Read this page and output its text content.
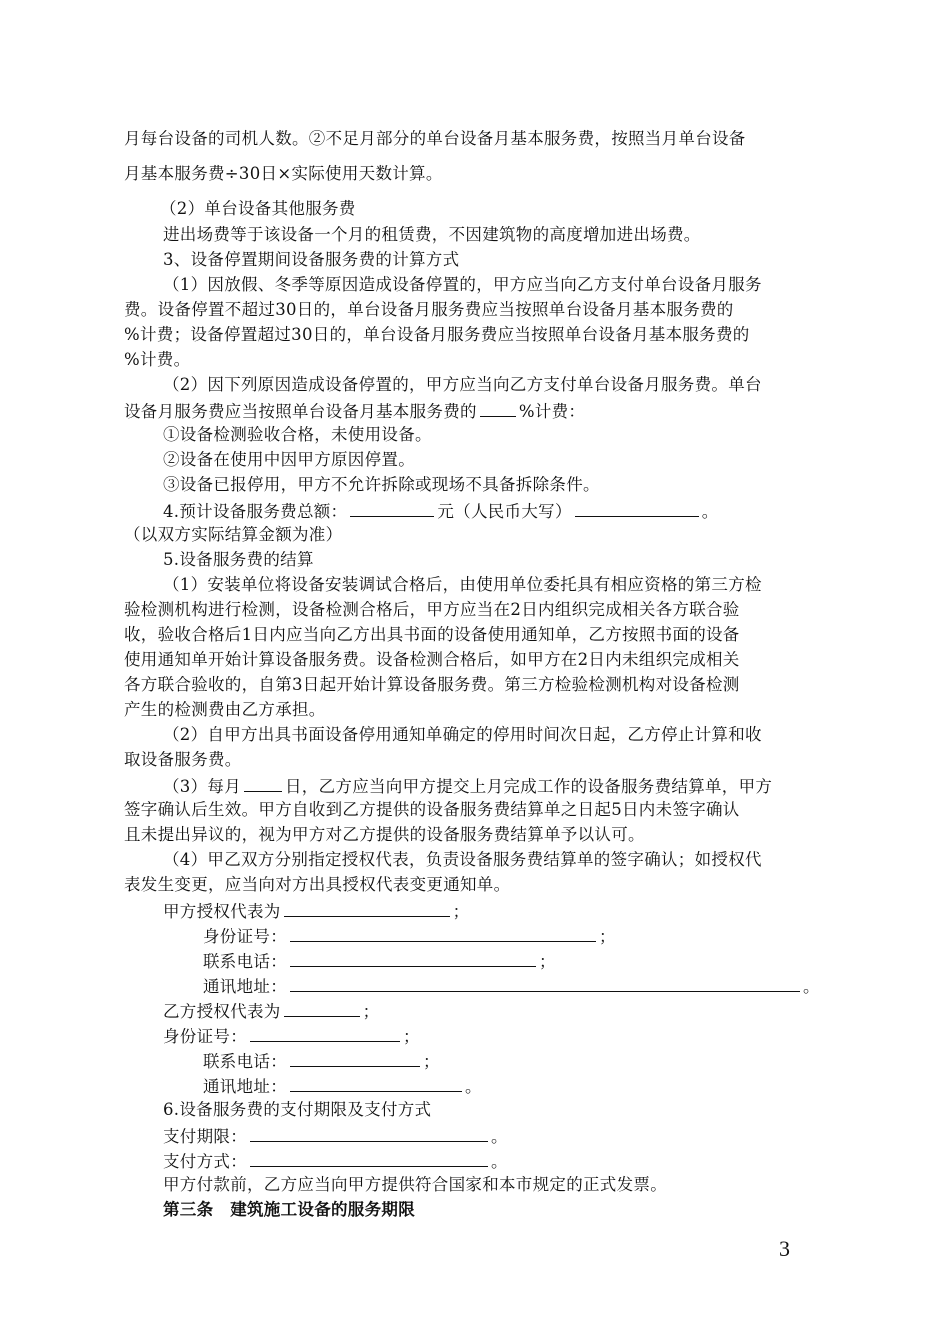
月每台设备的司机人数。②不足月部分的单台设备月基本服务费，按照当月单台设备
月基本服务费÷30日×实际使用天数计算。
（2）单台设备其他服务费
进出场费等于该设备一个月的租赁费，不因建筑物的高度增加进出场费。
3、设备停置期间设备服务费的计算方式
（1）因放假、冬季等原因造成设备停置的，甲方应当向乙方支付单台设备月服务
费。设备停置不超过30日的，单台设备月服务费应当按照单台设备月基本服务费的
%计费；设备停置超过30日的，单台设备月服务费应当按照单台设备月基本服务费的
%计费。
（2）因下列原因造成设备停置的，甲方应当向乙方支付单台设备月服务费。单台
设备月服务费应当按照单台设备月基本服务费的	%计费：
①设备检测验收合格，未使用设备。
②设备在使用中因甲方原因停置。
③设备已报停用，甲方不允许拆除或现场不具备拆除条件。
4.预计设备服务费总额：	元（人民币大写）	。
（以双方实际结算金额为准）
5.设备服务费的结算
（1）安装单位将设备安装调试合格后，由使用单位委托具有相应资格的第三方检
验检测机构进行检测，设备检测合格后，甲方应当在2日内组织完成相关各方联合验
收，验收合格后1日内应当向乙方出具书面的设备使用通知单，乙方按照书面的设备
使用通知单开始计算设备服务费。设备检测合格后，如甲方在2日内未组织完成相关
各方联合验收的，自第3日起开始计算设备服务费。第三方检验检测机构对设备检测
产生的检测费由乙方承担。
（2）自甲方出具书面设备停用通知单确定的停用时间次日起，乙方停止计算和收
取设备服务费。
（3）每月	日，乙方应当向甲方提交上月完成工作的设备服务费结算单，甲方
签字确认后生效。甲方自收到乙方提供的设备服务费结算单之日起5日内未签字确认
且未提出异议的，视为甲方对乙方提供的设备服务费结算单予以认可。
（4）甲乙双方分别指定授权代表，负责设备服务费结算单的签字确认；如授权代
表发生变更，应当向对方出具授权代表变更通知单。
甲方授权代表为	；
身份证号：	；
联系电话：	；
通讯地址：	。
乙方授权代表为	；
身份证号：	；
联系电话：	；
通讯地址：	。
6.设备服务费的支付期限及支付方式
支付期限：	。
支付方式：	。
甲方付款前，乙方应当向甲方提供符合国家和本市规定的正式发票。
第三条　建筑施工设备的服务期限
3
